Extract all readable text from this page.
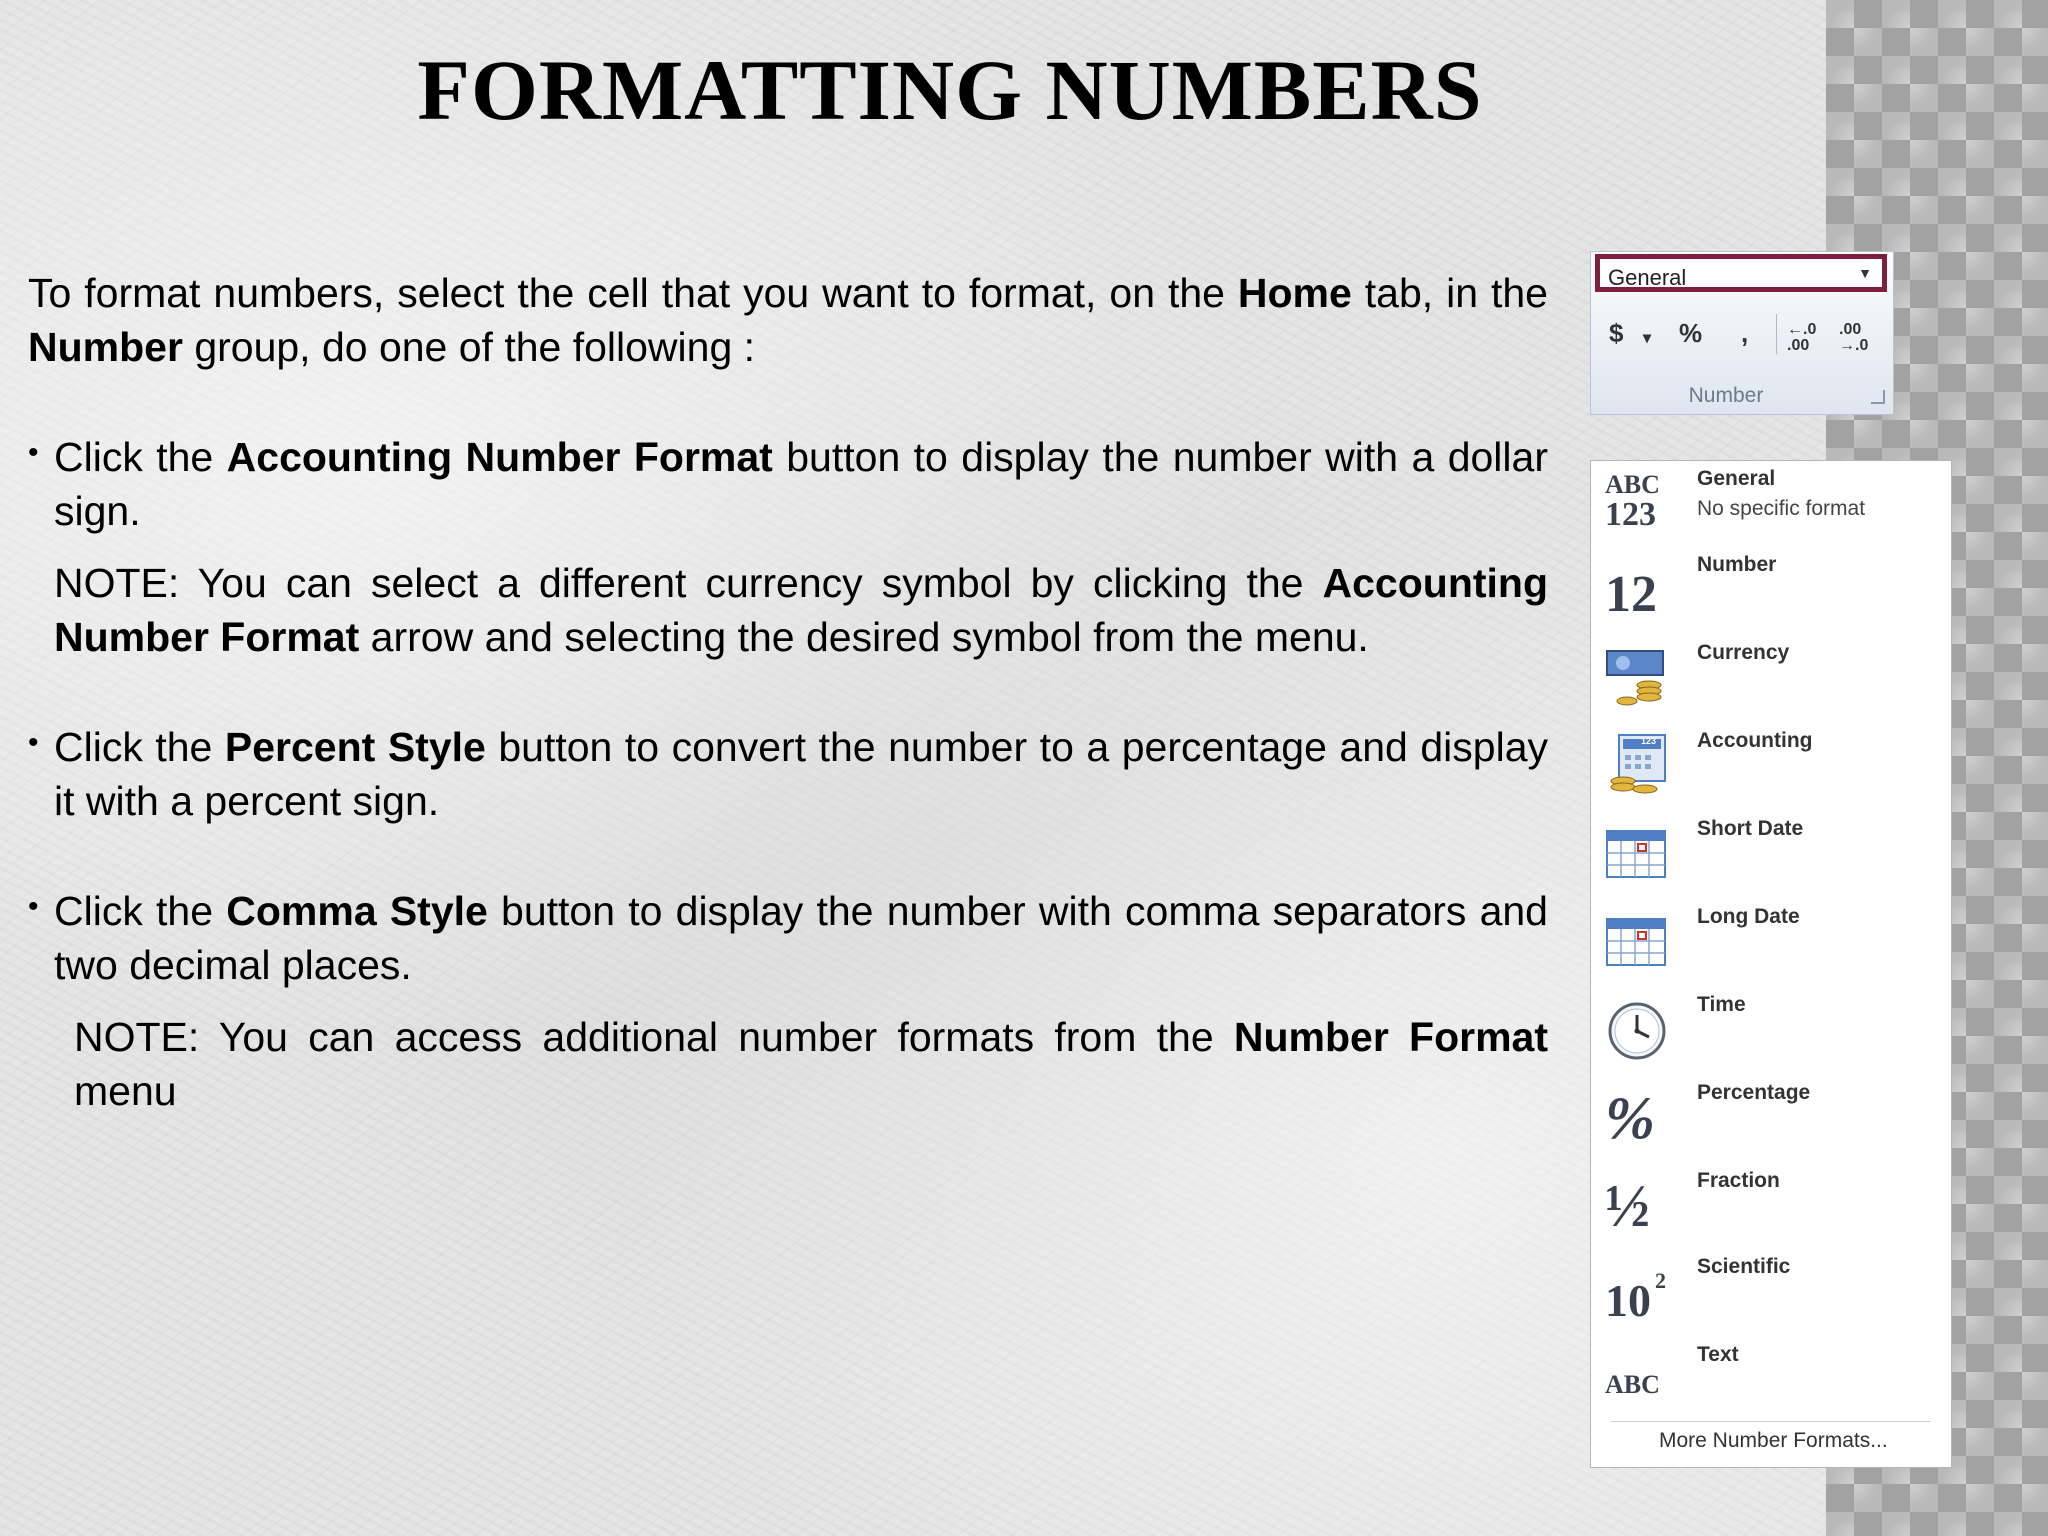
FORMATTING NUMBERS

To format numbers, select the cell that you want to format, on the Home tab, in the Number group, do one of the following :

• Click the Accounting Number Format button to display the number with a dollar sign.

NOTE: You can select a different currency symbol by clicking the Accounting Number Format arrow and selecting the desired symbol from the menu.

• Click the Percent Style button to convert the number to a percentage and display it with a percent sign.

• Click the Comma Style button to display the number with comma separators and two decimal places.

NOTE: You can access additional number formats from the Number Format menu

General	▼
$ ▾ % , ←.0 .00
.00 →.0
Number
ABC
123
General
No specific format
12
Number
Currency
123 Accounting
Short Date
Long Date
Time
% Percentage
½ Fraction
10 2
Scientific
ABC
Text
More Number Formats...
